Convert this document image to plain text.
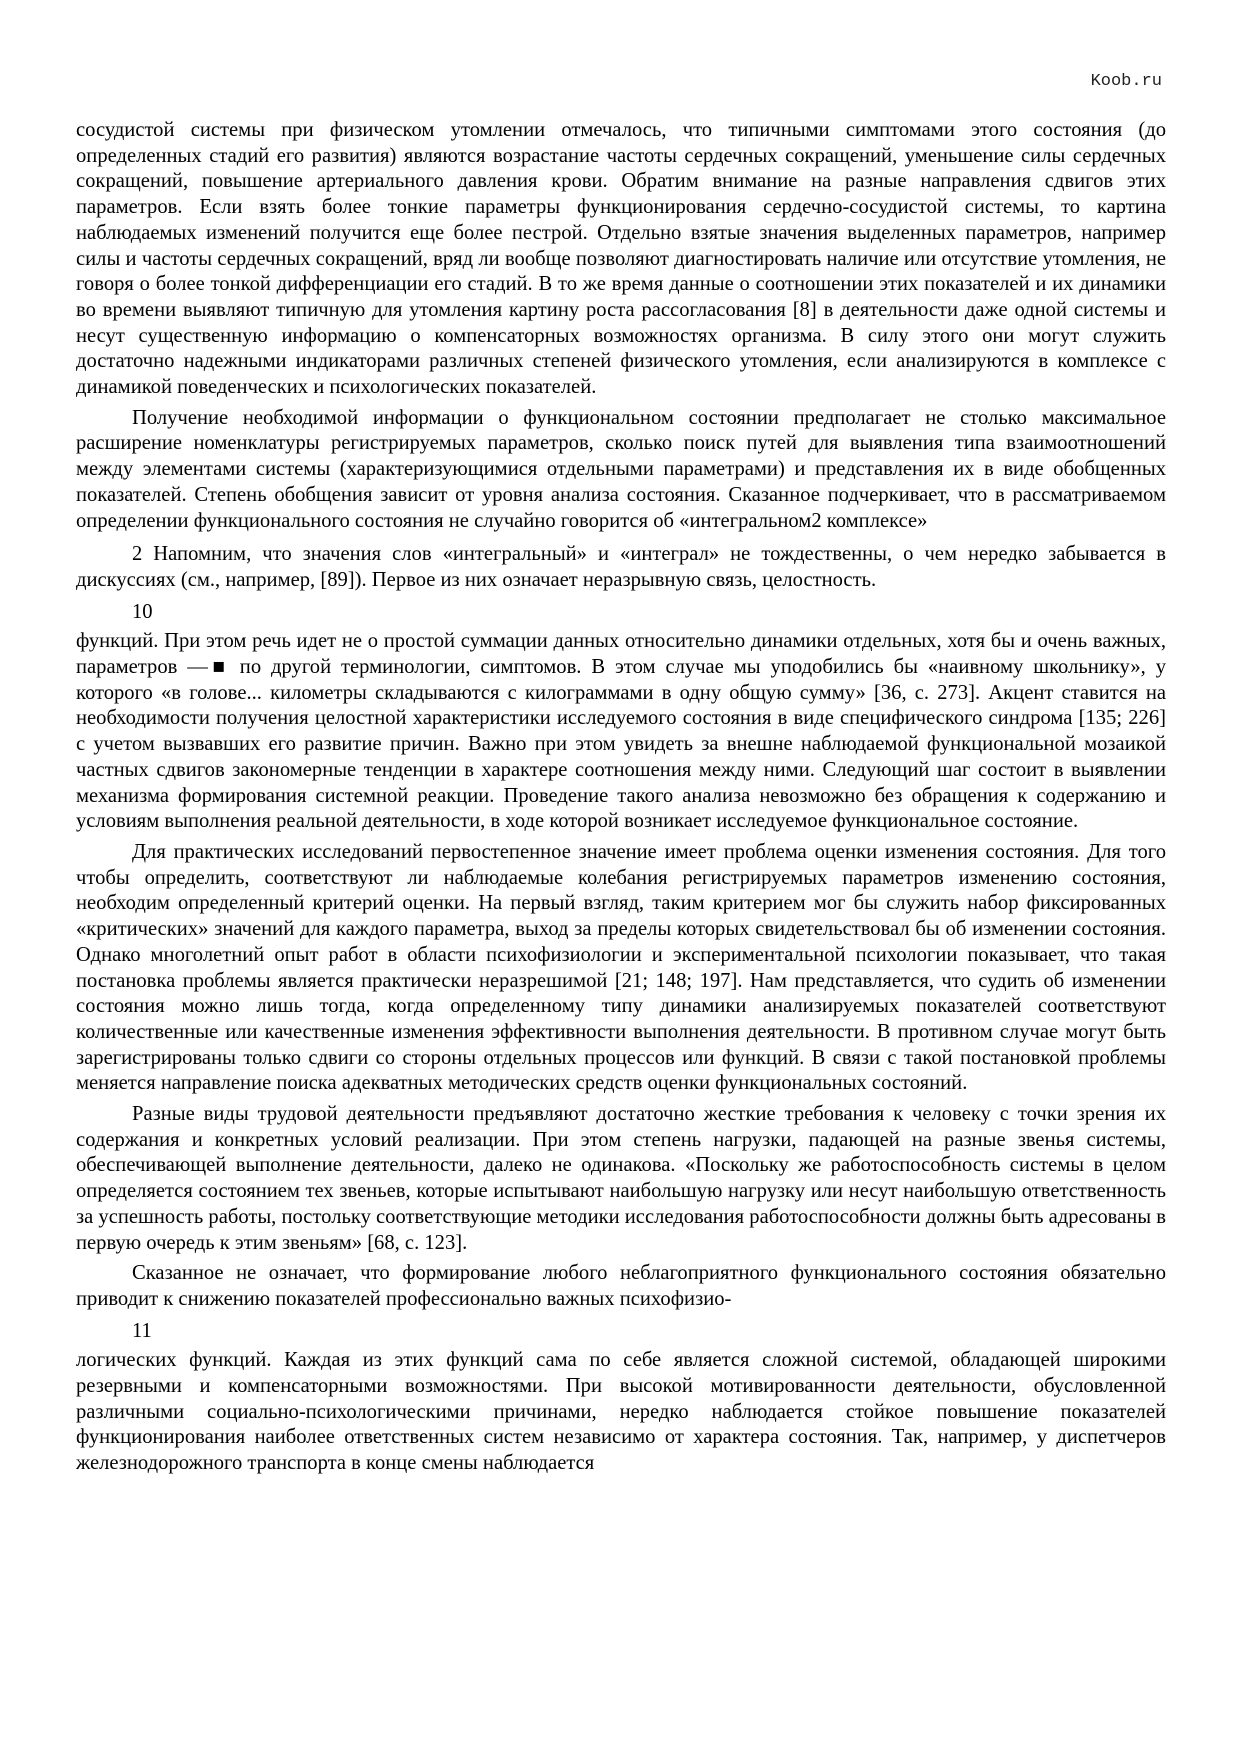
Koob.ru

сосудистой системы при физическом утомлении отмечалось, что типичными симптомами этого состояния (до определенных стадий его развития) являются возрастание частоты сердечных сокращений, уменьшение силы сердечных сокращений, повышение артериального давления крови. Обратим внимание на разные направления сдвигов этих параметров. Если взять более тонкие параметры функционирования сердечно-сосудистой системы, то картина наблюдаемых изменений получится еще более пестрой. Отдельно взятые значения выделенных параметров, например силы и частоты сердечных сокращений, вряд ли вообще позволяют диагностировать наличие или отсутствие утомления, не говоря о более тонкой дифференциации его стадий. В то же время данные о соотношении этих показателей и их динамики во времени выявляют типичную для утомления картину роста рассогласования [8] в деятельности даже одной системы и несут существенную информацию о компенсаторных возможностях организма. В силу этого они могут служить достаточно надежными индикаторами различных степеней физического утомления, если анализируются в комплексе с динамикой поведенческих и психологических показателей.

Получение необходимой информации о функциональном состоянии предполагает не столько максимальное расширение номенклатуры регистрируемых параметров, сколько поиск путей для выявления типа взаимоотношений между элементами системы (характеризующимися отдельными параметрами) и представления их в виде обобщенных показателей. Степень обобщения зависит от уровня анализа состояния. Сказанное подчеркивает, что в рассматриваемом определении функционального состояния не случайно говорится об «интегральном2 комплексе»

2 Напомним, что значения слов «интегральный» и «интеграл» не тождественны, о чем нередко забывается в дискуссиях (см., например, [89]). Первое из них означает неразрывную связь, целостность.

10

функций. При этом речь идет не о простой суммации данных относительно динамики отдельных, хотя бы и очень важных, параметров —■ по другой терминологии, симптомов. В этом случае мы уподобились бы «наивному школьнику», у которого «в голове... километры складываются с килограммами в одну общую сумму» [36, с. 273]. Акцент ставится на необходимости получения целостной характеристики исследуемого состояния в виде специфического синдрома [135; 226] с учетом вызвавших его развитие причин. Важно при этом увидеть за внешне наблюдаемой функциональной мозаикой частных сдвигов закономерные тенденции в характере соотношения между ними. Следующий шаг состоит в выявлении механизма формирования системной реакции. Проведение такого анализа невозможно без обращения к содержанию и условиям выполнения реальной деятельности, в ходе которой возникает исследуемое функциональное состояние.

Для практических исследований первостепенное значение имеет проблема оценки изменения состояния. Для того чтобы определить, соответствуют ли наблюдаемые колебания регистрируемых параметров изменению состояния, необходим определенный критерий оценки. На первый взгляд, таким критерием мог бы служить набор фиксированных «критических» значений для каждого параметра, выход за пределы которых свидетельствовал бы об изменении состояния. Однако многолетний опыт работ в области психофизиологии и экспериментальной психологии показывает, что такая постановка проблемы является практически неразрешимой [21; 148; 197]. Нам представляется, что судить об изменении состояния можно лишь тогда, когда определенному типу динамики анализируемых показателей соответствуют количественные или качественные изменения эффективности выполнения деятельности. В противном случае могут быть зарегистрированы только сдвиги со стороны отдельных процессов или функций. В связи с такой постановкой проблемы меняется направление поиска адекватных методических средств оценки функциональных состояний.

Разные виды трудовой деятельности предъявляют достаточно жесткие требования к человеку с точки зрения их содержания и конкретных условий реализации. При этом степень нагрузки, падающей на разные звенья системы, обеспечивающей выполнение деятельности, далеко не одинакова. «Поскольку же работоспособность системы в целом определяется состоянием тех звеньев, которые испытывают наибольшую нагрузку или несут наибольшую ответственность за успешность работы, постольку соответствующие методики исследования работоспособности должны быть адресованы в первую очередь к этим звеньям» [68, с. 123].

Сказанное не означает, что формирование любого неблагоприятного функционального состояния обязательно приводит к снижению показателей профессионально важных психофизио-

11

логических функций. Каждая из этих функций сама по себе является сложной системой, обладающей широкими резервными и компенсаторными возможностями. При высокой мотивированности деятельности, обусловленной различными социально-психологическими причинами, нередко наблюдается стойкое повышение показателей функционирования наиболее ответственных систем независимо от характера состояния. Так, например, у диспетчеров железнодорожного транспорта в конце смены наблюдается
